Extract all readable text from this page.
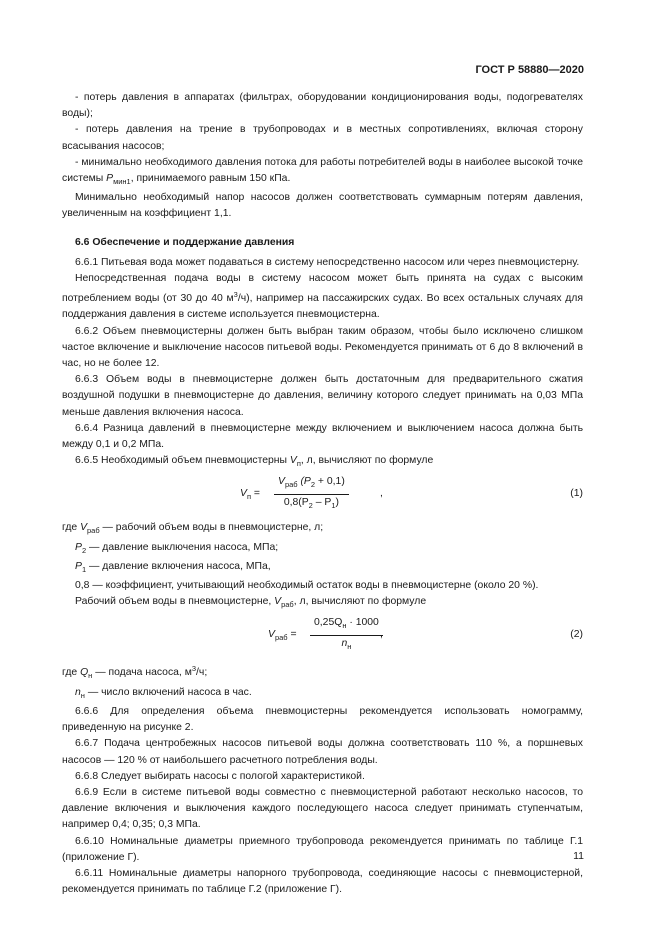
ГОСТ Р 58880—2020

- потерь давления в аппаратах (фильтрах, оборудовании кондиционирования воды, подогревателях воды);

- потерь давления на трение в трубопроводах и в местных сопротивлениях, включая сторону всасывания насосов;

- минимально необходимого давления потока для работы потребителей воды в наиболее высокой точке системы $P_{мин1}$, принимаемого равным 150 кПа.

Минимально необходимый напор насосов должен соответствовать суммарным потерям давления, увеличенным на коэффициент 1,1.

6.6 Обеспечение и поддержание давления

6.6.1 Питьевая вода может подаваться в систему непосредственно насосом или через пневмоцистерну.

Непосредственная подача воды в систему насосом может быть принята на судах с высоким потреблением воды (от 30 до 40 $м^3/ч$), например на пассажирских судах. Во всех остальных случаях для поддержания давления в системе используется пневмоцистерна.

6.6.2 Объем пневмоцистерны должен быть выбран таким образом, чтобы было исключено слишком частое включение и выключение насосов питьевой воды. Рекомендуется принимать от 6 до 8 включений в час, но не более 12.

6.6.3 Объем воды в пневмоцистерне должен быть достаточным для предварительного сжатия воздушной подушки в пневмоцистерне до давления, величину которого следует принимать на 0,03 МПа меньше давления включения насоса.

6.6.4 Разница давлений в пневмоцистерне между включением и выключением насоса должна быть между 0,1 и 0,2 МПа.

6.6.5 Необходимый объем пневмоцистерны $V_п$, л, вычисляют по формуле

$V_п$ =
$V_{раб}$ $(P_2 + 0,1)$
$0,8(P_2 - P_1)$
,	(1)

где $V_{раб}$ — рабочий объем воды в пневмоцистерне, л;

$P_2$ — давление выключения насоса, МПа;

$P_1$ — давление включения насоса, МПа,

0,8 — коэффициент, учитывающий необходимый остаток воды в пневмоцистерне (около 20 %).

Рабочий объем воды в пневмоцистерне, $V_{раб}$, л, вычисляют по формуле

$V_{раб}$ =
$0,25Q_н \cdot 1000$
$n_н$
,	(2)

где $Q_н$ — подача насоса, $м^3/ч$;

$n_н$ — число включений насоса в час.

6.6.6 Для определения объема пневмоцистерны рекомендуется использовать номограмму, приведенную на рисунке 2.

6.6.7 Подача центробежных насосов питьевой воды должна соответствовать 110 %, а поршневых насосов — 120 % от наибольшего расчетного потребления воды.

6.6.8 Следует выбирать насосы с пологой характеристикой.

6.6.9 Если в системе питьевой воды совместно с пневмоцистерной работают несколько насосов, то давление включения и выключения каждого последующего насоса следует принимать ступенчатым, например 0,4; 0,35; 0,3 МПа.

6.6.10 Номинальные диаметры приемного трубопровода рекомендуется принимать по таблице Г.1 (приложение Г).

6.6.11 Номинальные диаметры напорного трубопровода, соединяющие насосы с пневмоцистерной, рекомендуется принимать по таблице Г.2 (приложение Г).

11
